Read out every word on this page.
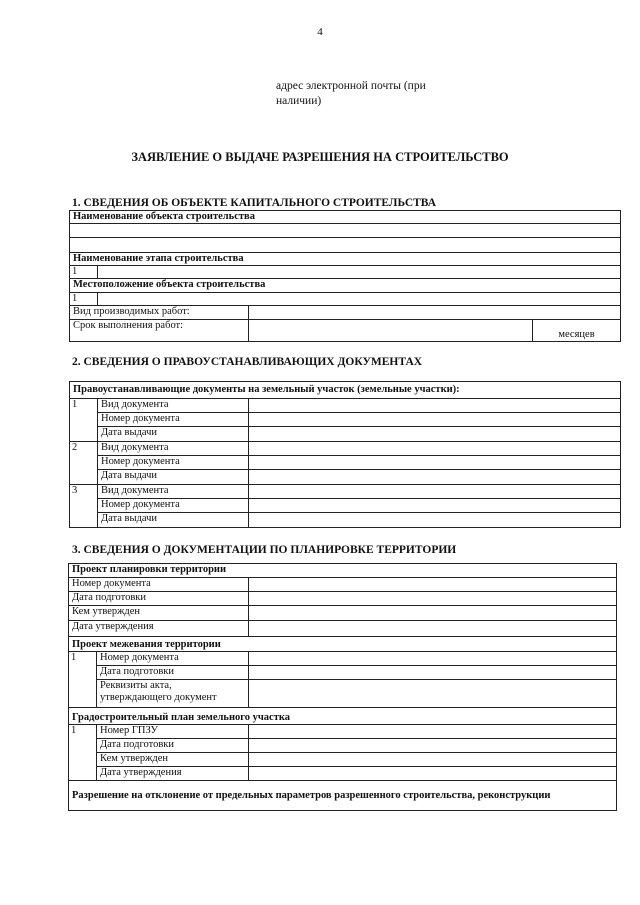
4
адрес электронной почты (при наличии)
ЗАЯВЛЕНИЕ О ВЫДАЧЕ РАЗРЕШЕНИЯ НА СТРОИТЕЛЬСТВО
1. СВЕДЕНИЯ ОБ ОБЪЕКТЕ КАПИТАЛЬНОГО СТРОИТЕЛЬСТВА
Наименование объекта строительства			

Наименование этапа строительства			
1			
Местоположение объекта строительства			
1			
Вид производимых работ:			
Срок выполнения работ:			месяцев
2. СВЕДЕНИЯ О ПРАВОУСТАНАВЛИВАЮЩИХ ДОКУМЕНТАХ
Правоустанавливающие документы на земельный участок (земельные участки):		
1	Вид документа	
	Номер документа	
	Дата выдачи	
2	Вид документа	
	Номер документа	
	Дата выдачи	
3	Вид документа	
	Номер документа	
	Дата выдачи	
3. СВЕДЕНИЯ О ДОКУМЕНТАЦИИ ПО ПЛАНИРОВКЕ ТЕРРИТОРИИ
Проект планировки территории		
Номер документа		
Дата подготовки		
Кем утвержден		
Дата утверждения		
Проект межевания территории		
1	Номер документа	
	Дата подготовки	
	Реквизиты акта, утверждающего документ	
Градостроительный план земельного участка		
1	Номер ГПЗУ	
	Дата подготовки	
	Кем утвержден	
	Дата утверждения	
Разрешение на отклонение от предельных параметров разрешенного строительства, реконструкции		
